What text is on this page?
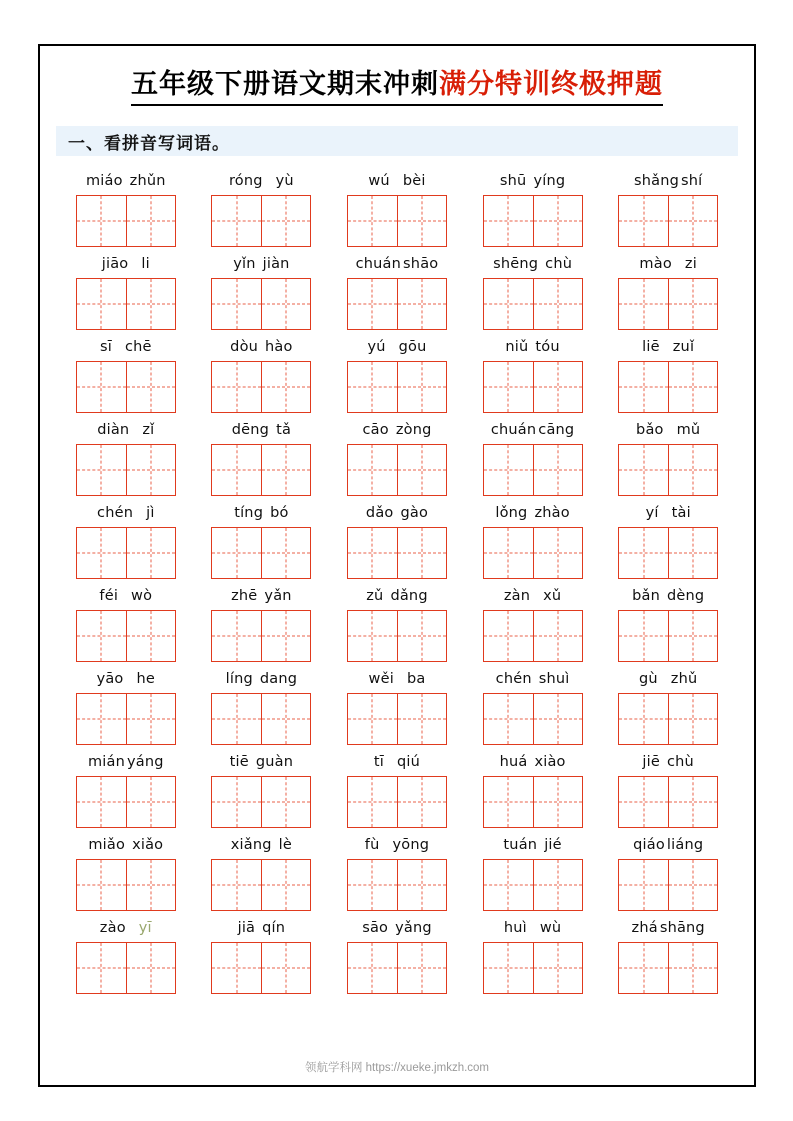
五年级下册语文期末冲刺满分特训终极押题
一、看拼音写词语。
miáo zhǔn	róng yù	wú bèi	shū yíng	shǎng shí
jiāo li	yǐn jiàn	chuán shāo	shēng chù	mào zi
sī chē	dòu hào	yú gōu	niǔ tóu	liē zuǐ
diàn zǐ	dēng tǎ	cāo zòng	chuán cāng	bǎo mǔ
chén jì	tíng bó	dǎo gào	lǒng zhào	yí tài
féi wò	zhē yǎn	zǔ dǎng	zàn xǔ	bǎn dèng
yāo he	líng dang	wěi ba	chén shuì	gù zhǔ
mián yáng	tiē guàn	tī qiú	huá xiào	jiē chù
miǎo xiǎo	xiǎng lè	fù yōng	tuán jié	qiáo liáng
zào yī	jiā qín	sāo yǎng	huì wù	zhá shāng
领航学科网 https://xueke.jmkzh.com
